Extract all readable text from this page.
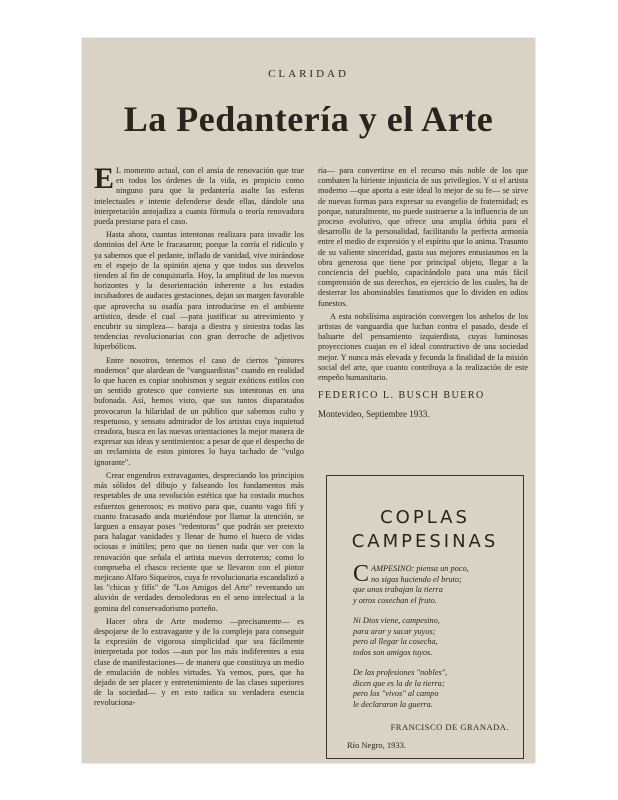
CLARIDAD
La Pedantería y el Arte

E L momento actual, con el ansia de renovación que trae en todos los órdenes de la vida, es propicio como ninguno para que la pedantería asalte las esferas intelectuales e intente defenderse desde ellas, dándole una interpretación antojadiza a cuanta fórmula o teoría renovadora pueda prestarse para el caso.

Hasta ahora, cuantas intentonas realizara para invadir los dominios del Arte le fracasaron; porque la corría el ridículo y ya sabemos que el pedante, inflado de vanidad, vive mirándose en el espejo de la opinión ajena y que todos sus desvelos tienden al fin de conquistarla. Hoy, la amplitud de los nuevos horizontes y la desorientación inherente a los estados incubadores de audaces gestaciones, dejan un margen favorable que aprovecha su osadía para introducirse en el ambiente artístico, desde el cual —para justificar su atrevimiento y encubrir su simpleza— baraja a diestra y siniestra todas las tendencias revolucionarias con gran derroche de adjetivos hiperbólicos.

Entre nosotros, tenemos el caso de ciertos "pintores modernos" que alardean de "vanguardistas" cuando en realidad lo que hacen es copiar snobismos y seguir exóticos estilos con un sentido grotesco que convierte sus intentonas en una bufonada. Así, hemos visto, que sus tantos disparatados provocaron la hilaridad de un público que sabemos culto y respetuoso, y sensato admirador de los artistas cuya inquietud creadora, busca en las nuevas orientaciones la mejor manera de expresar sus ideas y sentimientos: a pesar de que el despecho de un reclamista de estos pintores lo haya tachado de "vulgo ignorante".

Crear engendros extravagantes, despreciando los principios más sólidos del dibujo y falseando los fundamentos más respetables de una revolución estética que ha costado muchos esfuerzos generosos; es motivo para que, cuanto vago fifí y cuanto fracasado anda muriéndose por llamar la atención, se larguen a ensayar poses "redentoras" que podrán ser pretexto para halagar vanidades y llenar de humo el hueco de vidas ociosas e inútiles; pero que no tienen nada que ver con la renovación que señala el artista nuevos derroteros; como lo comprueba el chasco reciente que se llevaron con el pintor mejicano Alfaro Siqueiros, cuya fe revolucionaria escandalizó a las "chicas y fifís" de "Los Amigos del Arte" reventando un aluvión de verdades demoledoras en el seno intelectual a la gomina del conservadorismo porteño.

Hacer obra de Arte moderno —precisamente— es despojarse de lo extravagante y de lo complejo para conseguir la expresión de vigorosa simplicidad que sea fácilmente interpretada por todos —aun por los más indiferentes a esta clase de manifestaciones— de manera que constituya un medio de emulación de nobles virtudes. Ya vemos, pues, que ha dejado de ser placer y entretenimiento de las clases superiores de la sociedad— y en esto radica su verdadera esencia revoluciona-

ria— para convertirse en el recurso más noble de los que combaten la hiriente injusticia de sus privilegios. Y si el artista moderno —que aporta a este ideal lo mejor de su fe— se sirve de nuevas formas para expresar su evangelio de fraternidad; es porque, naturalmente, no puede sustraerse a la influencia de un proceso evolutivo, que ofrece una amplia órbita para el desarrollo de la personalidad, facilitando la perfecta armonía entre el medio de expresión y el espíritu que lo anima. Trasunto de su valiente sinceridad, gasta sus mejores entusiasmos en la obra generosa que tiene por principal objeto, llegar a la conciencia del pueblo, capacitándolo para una más fácil comprensión de sus derechos, en ejercicio de los cuales, ha de desterrar los abominables fanatismos que lo dividen en odios funestos.

A esta nobilísima aspiración convergen los anhelos de los artistas de vanguardia que luchan contra el pasado, desde el baluarte del pensamiento izquierdista, cuyas luminosas proyecciones cuajan en el ideal constructivo de una sociedad mejor. Y nunca más elevada y fecunda la finalidad de la misión social del arte, que cuanto contribuya a la realización de este empeño humanitario.

FEDERICO L. BUSCH BUERO
Montevideo, Septiembre 1933.
COPLAS
CAMPESINAS
C AMPESINO: piensa un poco,
no sigas haciendo el bruto;
que unos trabajan la tierra
y otros cosechan el fruto.
Ni Dios viene, campesino,
para arar y sacar yuyos;
pero al llegar la cosecha,
todos son amigos tuyos.
De las profesiones "nobles",
dicen que es la de la tierra;
pero los "vivos" al campo
le declararon la guerra.
FRANCISCO DE GRANADA.
Río Negro, 1933.
